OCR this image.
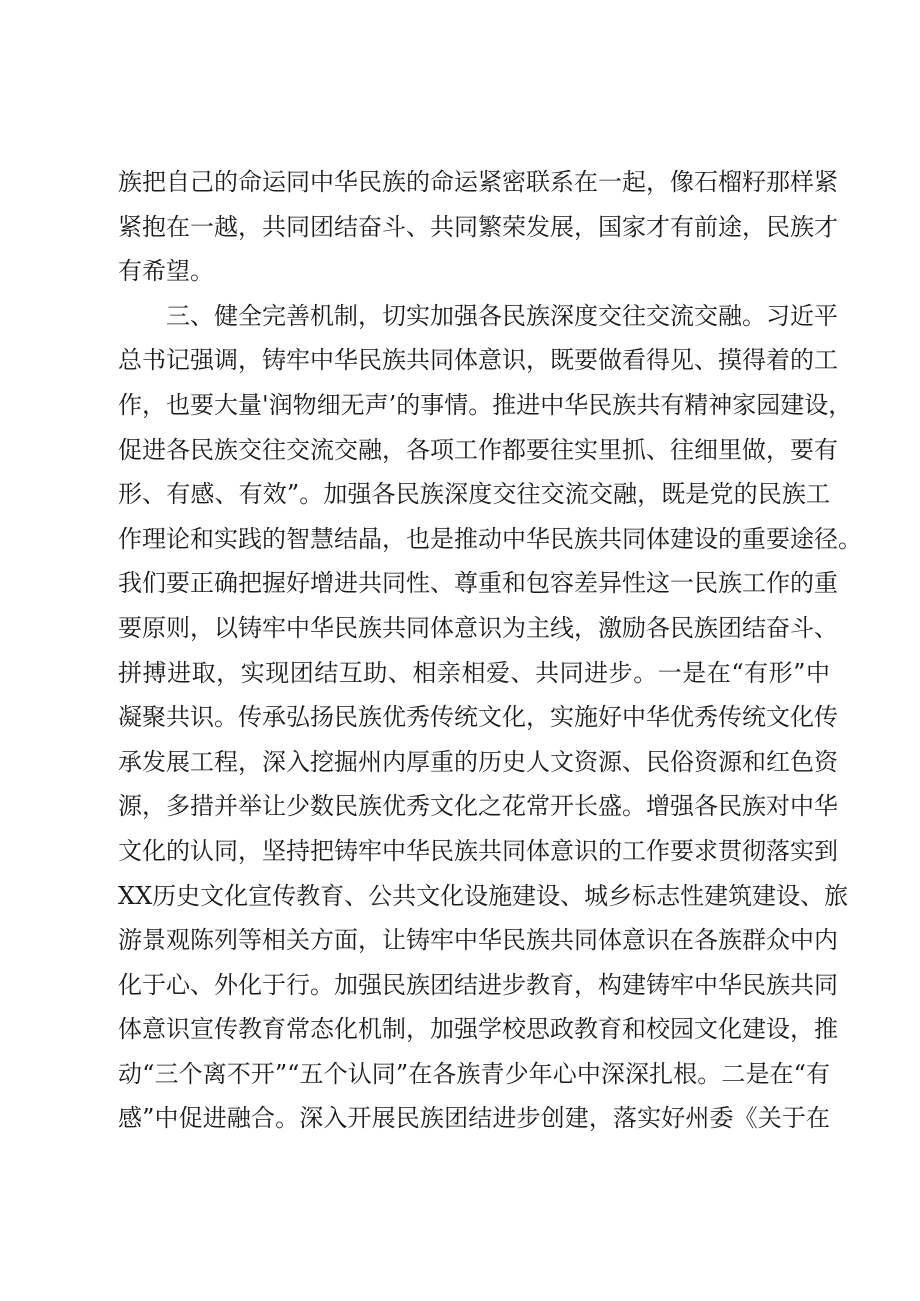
族把自己的命运同中华民族的命运紧密联系在一起，像石榴籽那样紧
紧抱在一越，共同团结奋斗、共同繁荣发展，国家才有前途，民族才
有希望。
三、健全完善机制，切实加强各民族深度交往交流交融。习近平
总书记强调，铸牢中华民族共同体意识，既要做看得见、摸得着的工
作，也要大量'润物细无声’的事情。推进中华民族共有精神家园建设，
促进各民族交往交流交融，各项工作都要往实里抓、往细里做，要有
形、有感、有效”。加强各民族深度交往交流交融，既是党的民族工
作理论和实践的智慧结晶，也是推动中华民族共同体建设的重要途径。
我们要正确把握好增进共同性、尊重和包容差异性这一民族工作的重
要原则，以铸牢中华民族共同体意识为主线，激励各民族团结奋斗、
拼搏进取，实现团结互助、相亲相爱、共同进步。一是在“有形”中
凝聚共识。传承弘扬民族优秀传统文化，实施好中华优秀传统文化传
承发展工程，深入挖掘州内厚重的历史人文资源、民俗资源和红色资
源，多措并举让少数民族优秀文化之花常开长盛。增强各民族对中华
文化的认同，坚持把铸牢中华民族共同体意识的工作要求贯彻落实到
XX历史文化宣传教育、公共文化设施建设、城乡标志性建筑建设、旅
游景观陈列等相关方面，让铸牢中华民族共同体意识在各族群众中内
化于心、外化于行。加强民族团结进步教育，构建铸牢中华民族共同
体意识宣传教育常态化机制，加强学校思政教育和校园文化建设，推
动“三个离不开”“五个认同”在各族青少年心中深深扎根。二是在“有
感”中促进融合。深入开展民族团结进步创建，落实好州委《关于在
